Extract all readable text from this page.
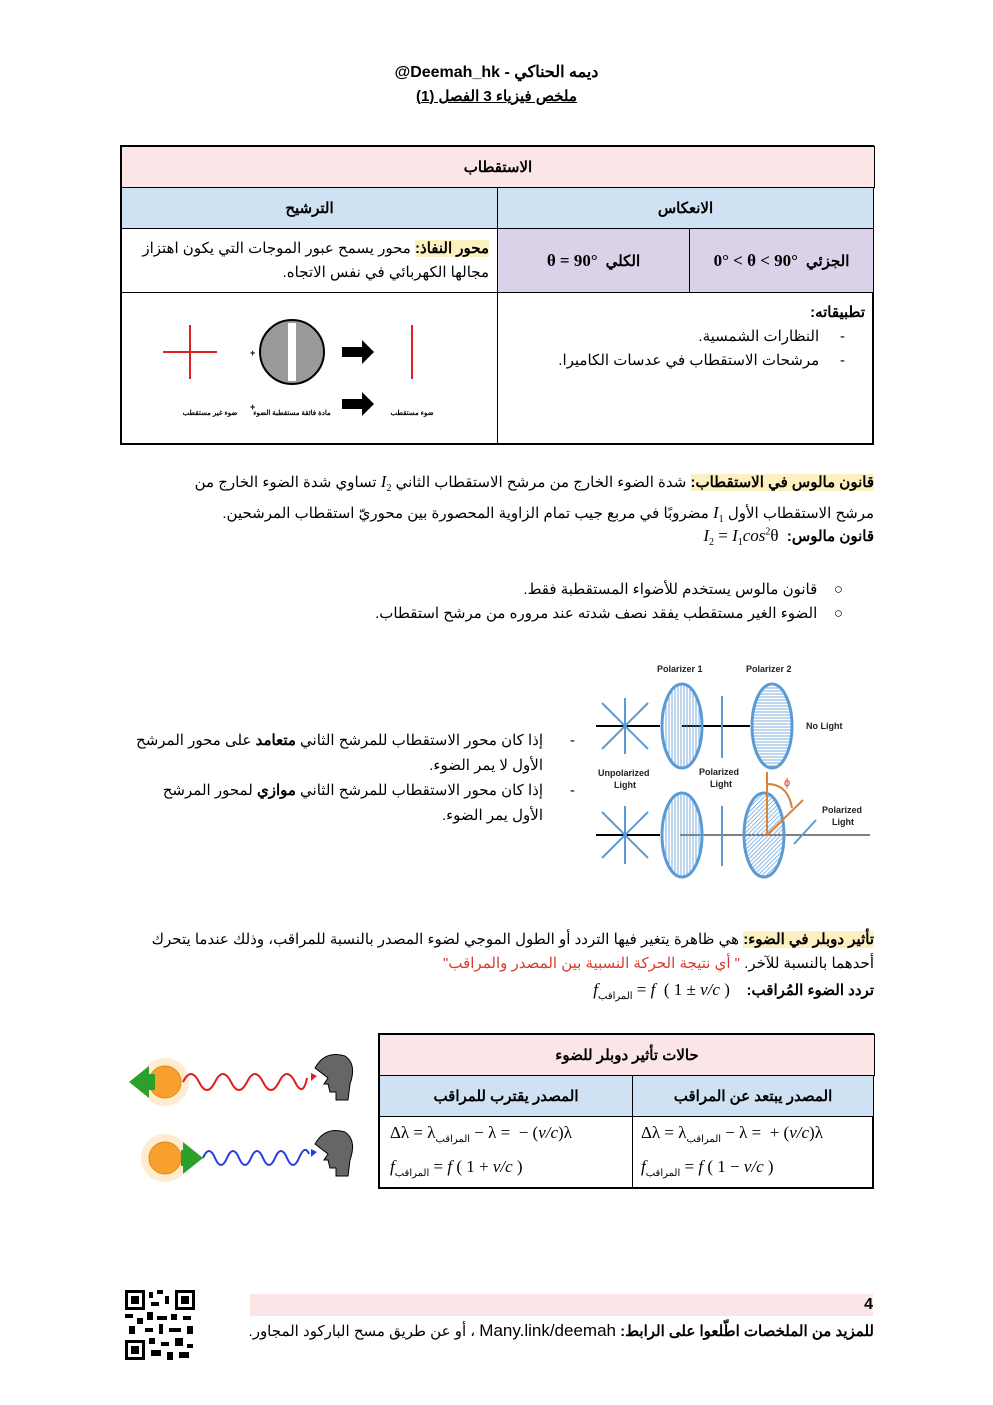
@Deemah_hk - ديمه الحناكي
ملخص فيزياء 3 الفصل (1)
الاستقطاب
الانعكاس
الترشيح
0° < θ < 90° الجزئي
θ = 90° الكلي
محور النفاذ: محور يسمح عبور الموجات التي يكون اهتزاز مجالها الكهربائي في نفس الاتجاه.
تطبيقاته:
-     النظارات الشمسية.
-     مرشحات الاستقطاب في عدسات الكاميرا.
+
+
ضوء غير مستقطب مادة فائقة مستقطبة الضوء	ضوء مستقطب
قانون مالوس في الاستقطاب: شدة الضوء الخارج من مرشح الاستقطاب الثاني $I_2$ تساوي شدة الضوء الخارج من مرشح الاستقطاب الأول $I_1$ مضروبًا في مربع جيب تمام الزاوية المحصورة بين محوريّ استقطاب المرشحين.
قانون مالوس:  $I_2 = I_1\cos^2\theta$
○    قانون مالوس يستخدم للأضواء المستقطبة فقط.
○    الضوء الغير مستقطب يفقد نصف شدته عند مروره من مرشح استقطاب.
-
إذا كان محور الاستقطاب للمرشح الثاني متعامد على محور المرشح الأول لا يمر الضوء.
-
إذا كان محور الاستقطاب للمرشح الثاني موازي لمحور المرشح الأول يمر الضوء.
Polarizer 1	Polarizer 2
No Light
Unpolarized
Light
Polarized
Light
Polarized
Light
ϕ
تأثير دوبلر في الضوء: هي ظاهرة يتغير فيها التردد أو الطول الموجي لضوء المصدر بالنسبة للمراقب، وذلك عندما يتحرك أحدهما بالنسبة للآخر. " أي نتيجة الحركة النسبية بين المصدر والمراقب"
تردد الضوء المُراقب:    $f_{المراقب} = f$  ( 1 ± v/c )
حالات تأثير دوبلر للضوء
المصدر يبتعد عن المراقب
المصدر يقترب للمراقب
$\Delta\lambda = \lambda_{المراقب} - \lambda$ =  + (v/c)λ
$f_{المراقب} = f$ ( 1 − v/c )
$\Delta\lambda = \lambda_{المراقب} - \lambda$ =  − (v/c)λ
$f_{المراقب} = f$ ( 1 + v/c )
4
للمزيد من الملخصات اطّلعوا على الرابط: Many.link/deemah ، أو عن طريق مسح الباركود المجاور.
